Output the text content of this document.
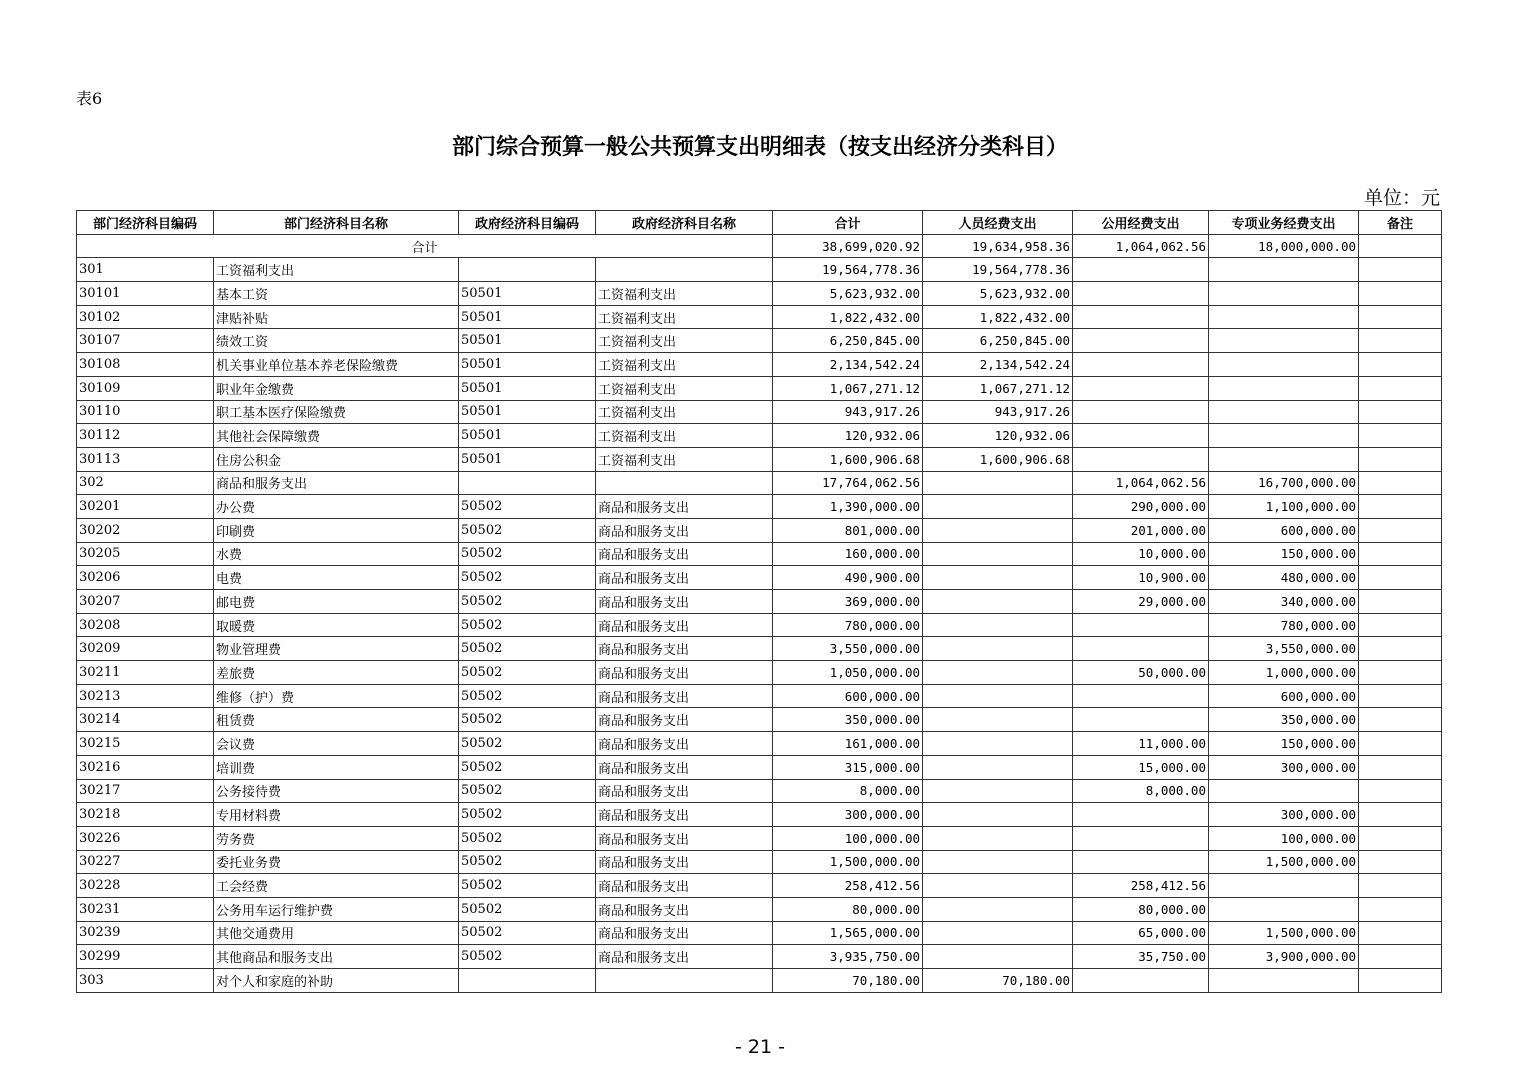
表6
部门综合预算一般公共预算支出明细表（按支出经济分类科目）
单位：元
部门经济科目编码	部门经济科目名称	政府经济科目编码	政府经济科目名称	合计	人员经费支出	公用经费支出	专项业务经费支出	备注
合计				38,699,020.92	19,634,958.36	1,064,062.56	18,000,000.00	
301	工资福利支出			19,564,778.36	19,564,778.36			
30101	基本工资	50501	工资福利支出	5,623,932.00	5,623,932.00			
30102	津贴补贴	50501	工资福利支出	1,822,432.00	1,822,432.00			
30107	绩效工资	50501	工资福利支出	6,250,845.00	6,250,845.00			
30108	机关事业单位基本养老保险缴费	50501	工资福利支出	2,134,542.24	2,134,542.24			
30109	职业年金缴费	50501	工资福利支出	1,067,271.12	1,067,271.12			
30110	职工基本医疗保险缴费	50501	工资福利支出	943,917.26	943,917.26			
30112	其他社会保障缴费	50501	工资福利支出	120,932.06	120,932.06			
30113	住房公积金	50501	工资福利支出	1,600,906.68	1,600,906.68			
302	商品和服务支出			17,764,062.56		1,064,062.56	16,700,000.00	
30201	办公费	50502	商品和服务支出	1,390,000.00		290,000.00	1,100,000.00	
30202	印刷费	50502	商品和服务支出	801,000.00		201,000.00	600,000.00	
30205	水费	50502	商品和服务支出	160,000.00		10,000.00	150,000.00	
30206	电费	50502	商品和服务支出	490,900.00		10,900.00	480,000.00	
30207	邮电费	50502	商品和服务支出	369,000.00		29,000.00	340,000.00	
30208	取暖费	50502	商品和服务支出	780,000.00			780,000.00	
30209	物业管理费	50502	商品和服务支出	3,550,000.00			3,550,000.00	
30211	差旅费	50502	商品和服务支出	1,050,000.00		50,000.00	1,000,000.00	
30213	维修（护）费	50502	商品和服务支出	600,000.00			600,000.00	
30214	租赁费	50502	商品和服务支出	350,000.00			350,000.00	
30215	会议费	50502	商品和服务支出	161,000.00		11,000.00	150,000.00	
30216	培训费	50502	商品和服务支出	315,000.00		15,000.00	300,000.00	
30217	公务接待费	50502	商品和服务支出	8,000.00		8,000.00		
30218	专用材料费	50502	商品和服务支出	300,000.00			300,000.00	
30226	劳务费	50502	商品和服务支出	100,000.00			100,000.00	
30227	委托业务费	50502	商品和服务支出	1,500,000.00			1,500,000.00	
30228	工会经费	50502	商品和服务支出	258,412.56		258,412.56		
30231	公务用车运行维护费	50502	商品和服务支出	80,000.00		80,000.00		
30239	其他交通费用	50502	商品和服务支出	1,565,000.00		65,000.00	1,500,000.00	
30299	其他商品和服务支出	50502	商品和服务支出	3,935,750.00		35,750.00	3,900,000.00	
303	对个人和家庭的补助			70,180.00	70,180.00			
- 21 -
